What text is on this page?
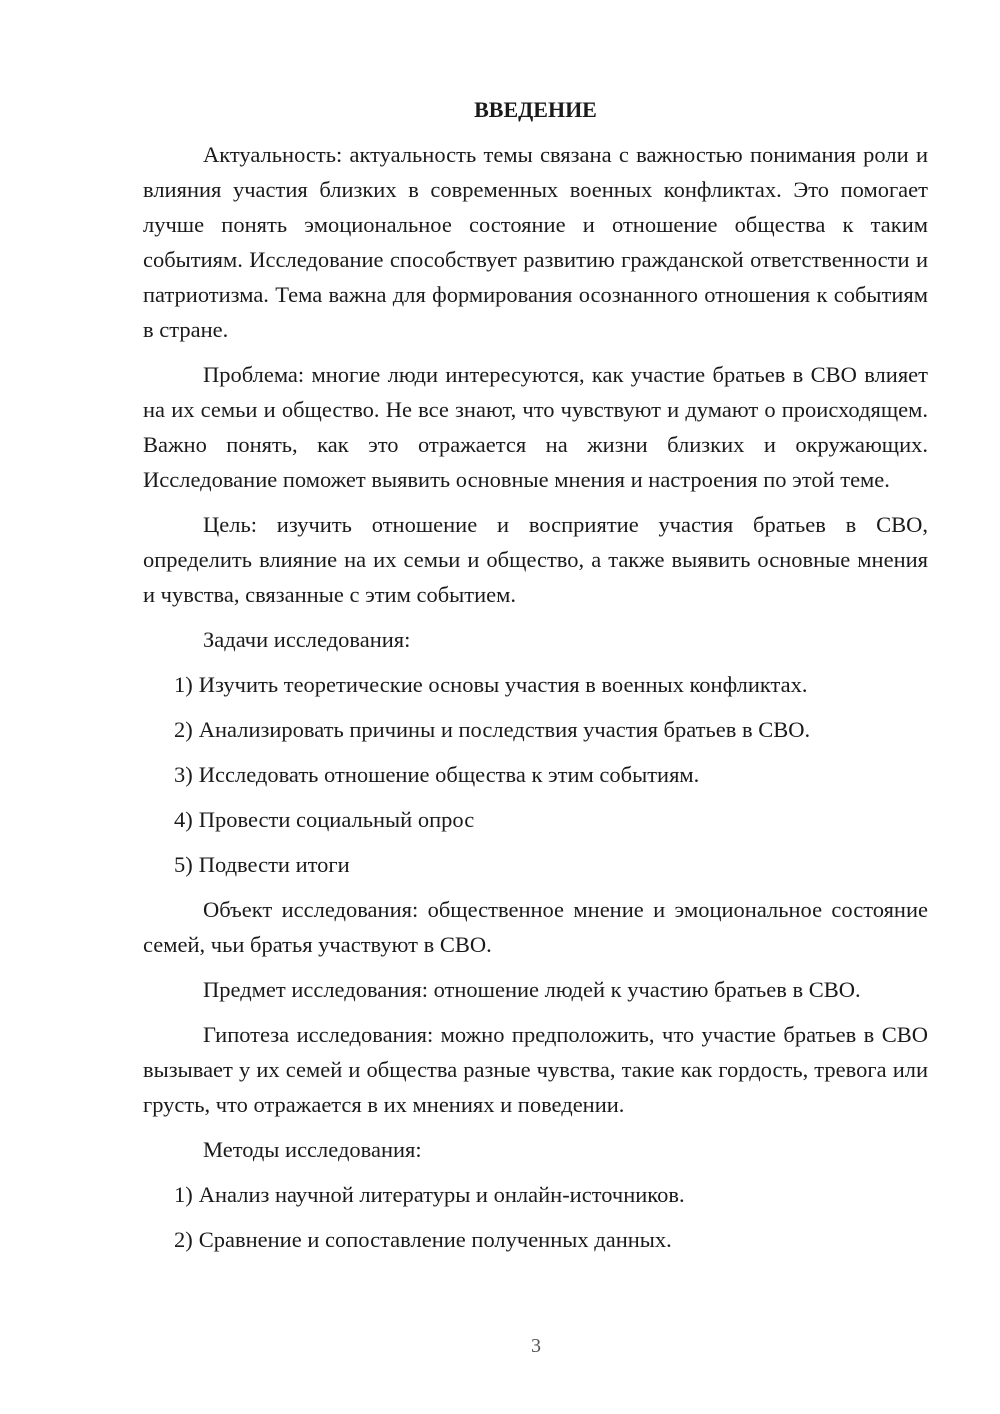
ВВЕДЕНИЕ

Актуальность: актуальность темы связана с важностью понимания роли и влияния участия близких в современных военных конфликтах. Это помогает лучше понять эмоциональное состояние и отношение общества к таким событиям. Исследование способствует развитию гражданской ответственности и патриотизма. Тема важна для формирования осознанного отношения к событиям в стране.

Проблема: многие люди интересуются, как участие братьев в СВО влияет на их семьи и общество. Не все знают, что чувствуют и думают о происходящем. Важно понять, как это отражается на жизни близких и окружающих. Исследование поможет выявить основные мнения и настроения по этой теме.

Цель: изучить отношение и восприятие участия братьев в СВО, определить влияние на их семьи и общество, а также выявить основные мнения и чувства, связанные с этим событием.

Задачи исследования:

1) Изучить теоретические основы участия в военных конфликтах.
2) Анализировать причины и последствия участия братьев в СВО.
3) Исследовать отношение общества к этим событиям.
4) Провести социальный опрос
5) Подвести итоги

Объект исследования: общественное мнение и эмоциональное состояние семей, чьи братья участвуют в СВО.

Предмет исследования: отношение людей к участию братьев в СВО.

Гипотеза исследования: можно предположить, что участие братьев в СВО вызывает у их семей и общества разные чувства, такие как гордость, тревога или грусть, что отражается в их мнениях и поведении.

Методы исследования:

1) Анализ научной литературы и онлайн-источников.
2) Сравнение и сопоставление полученных данных.
3
